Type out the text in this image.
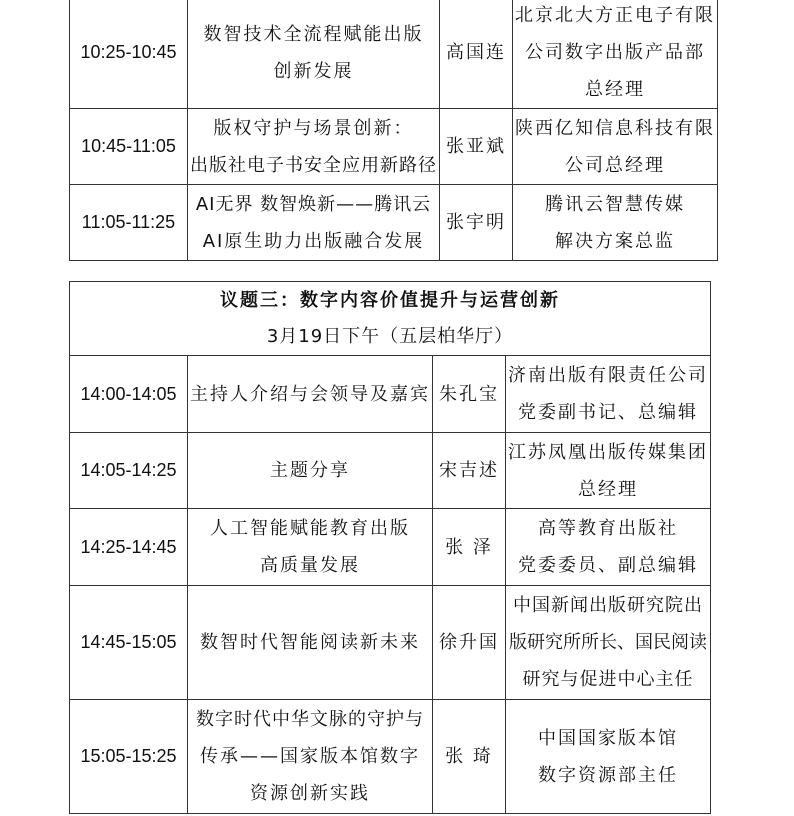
10:25-10:45	数智技术全流程赋能出版
创新发展	高国连	北京北大方正电子有限
公司数字出版产品部
总经理

10:45-11:05	版权守护与场景创新：
出版社电子书安全应用新路径	张亚斌	陕西亿知信息科技有限
公司总经理

11:05-11:25	AI无界 数智焕新——腾讯云
AI原生助力出版融合发展	张宇明	腾讯云智慧传媒
解决方案总监
议题三：数字内容价值提升与运营创新
3月19日下午（五层柏华厅）			

14:00-14:05	主持人介绍与会领导及嘉宾	朱孔宝	济南出版有限责任公司
党委副书记、总编辑

14:05-14:25	主题分享	宋吉述	江苏凤凰出版传媒集团
总经理

14:25-14:45	人工智能赋能教育出版
高质量发展	张 泽	高等教育出版社
党委委员、副总编辑

14:45-15:05	数智时代智能阅读新未来	徐升国	中国新闻出版研究院出
版研究所所长、国民阅读
研究与促进中心主任

15:05-15:25	数字时代中华文脉的守护与
传承——国家版本馆数字
资源创新实践	张 琦	中国国家版本馆
数字资源部主任
